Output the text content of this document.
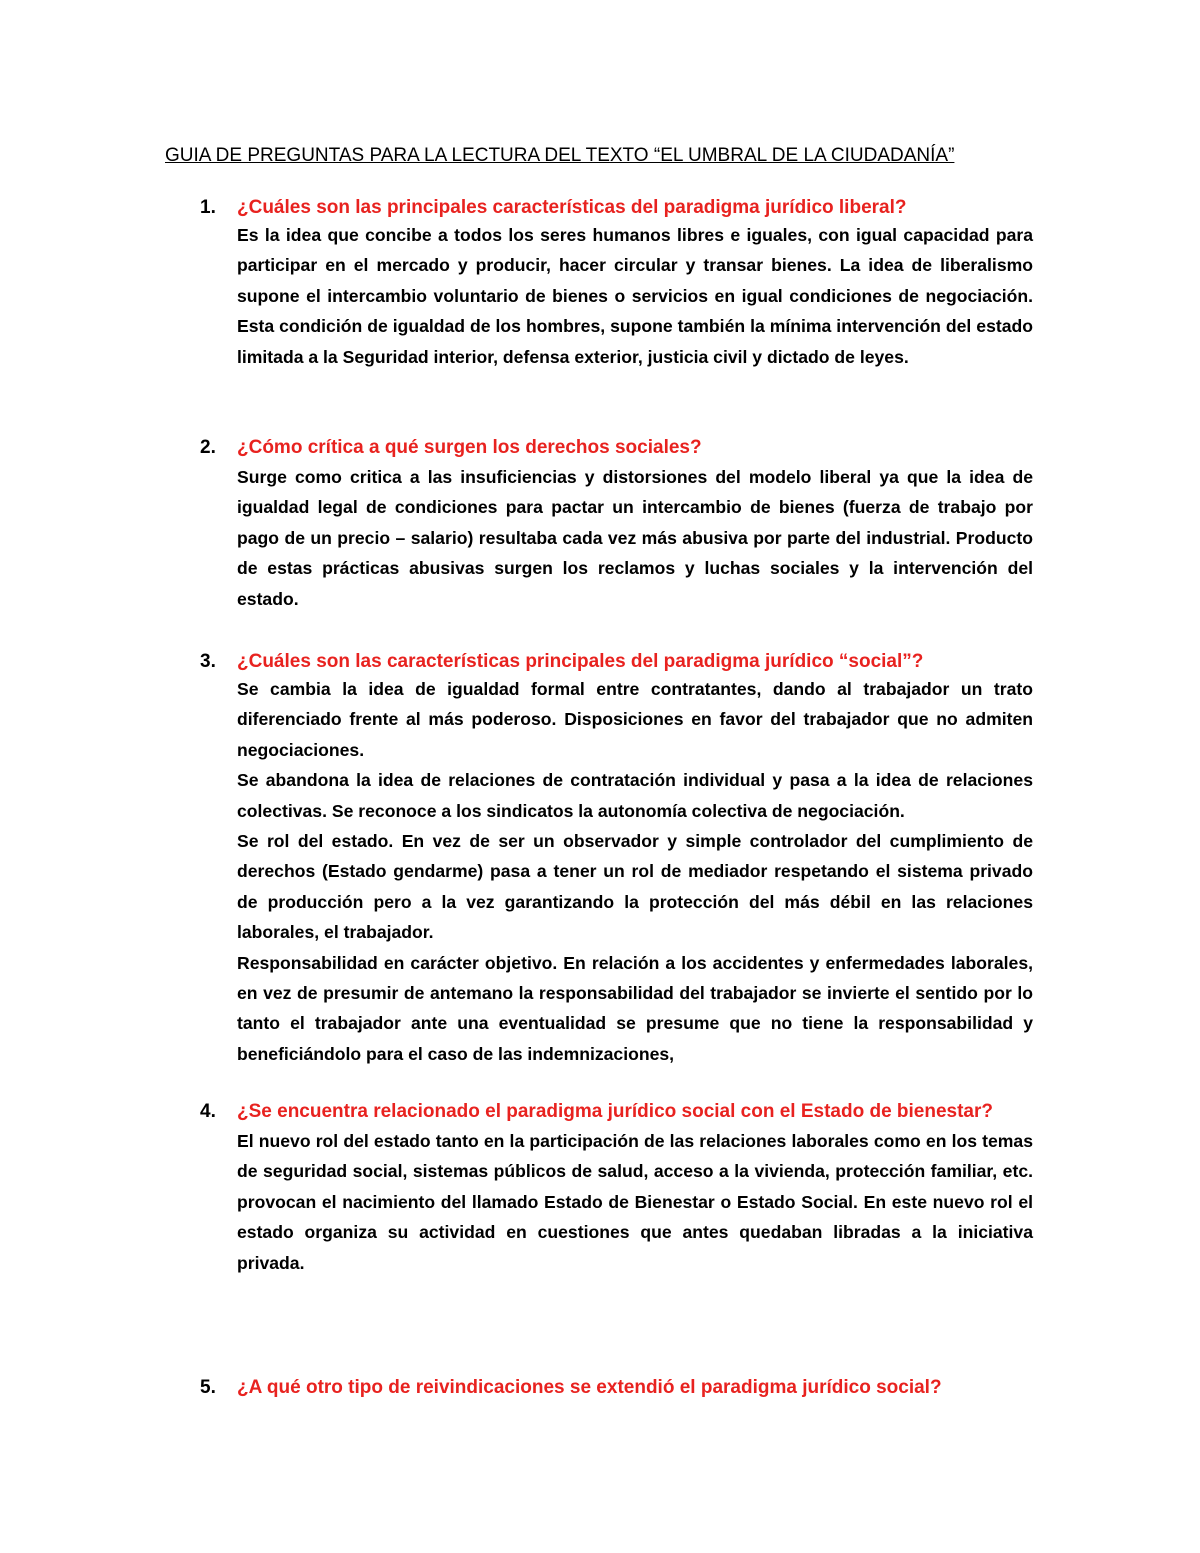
GUIA DE PREGUNTAS PARA LA LECTURA DEL TEXTO “EL UMBRAL DE LA CIUDADANÍA”
1. ¿Cuáles son las principales características del paradigma jurídico liberal?

Es la idea que concibe a todos los seres humanos libres e iguales, con igual capacidad para participar en el mercado y producir, hacer circular y transar bienes. La idea de liberalismo supone el intercambio voluntario de bienes o servicios en igual condiciones de negociación. Esta condición de igualdad de los hombres, supone también la mínima intervención del estado limitada a la Seguridad interior, defensa exterior, justicia civil y dictado de leyes.

2. ¿Cómo crítica a qué surgen los derechos sociales?

Surge como critica a las insuficiencias y distorsiones del modelo liberal ya que la idea de igualdad legal de condiciones para pactar un intercambio de bienes (fuerza de trabajo por pago de un precio – salario) resultaba cada vez más abusiva por parte del industrial. Producto de estas prácticas abusivas surgen los reclamos y luchas sociales y la intervención del estado.

3. ¿Cuáles son las características principales del paradigma jurídico “social”?

Se cambia la idea de igualdad formal entre contratantes, dando al trabajador un trato diferenciado frente al más poderoso. Disposiciones en favor del trabajador que no admiten negociaciones.

Se abandona la idea de relaciones de contratación individual y pasa a la idea de relaciones colectivas. Se reconoce a los sindicatos la autonomía colectiva de negociación.

Se rol del estado. En vez de ser un observador y simple controlador del cumplimiento de derechos (Estado gendarme) pasa a tener un rol de mediador respetando el sistema privado de producción pero a la vez garantizando la protección del más débil en las relaciones laborales, el trabajador.

Responsabilidad en carácter objetivo. En relación a los accidentes y enfermedades laborales, en vez de presumir de antemano la responsabilidad del trabajador se invierte el sentido por lo tanto el trabajador ante una eventualidad se presume que no tiene la responsabilidad y beneficiándolo para el caso de las indemnizaciones,

4. ¿Se encuentra relacionado el paradigma jurídico social con el Estado de bienestar?

El nuevo rol del estado tanto en la participación de las relaciones laborales como en los temas de seguridad social, sistemas públicos de salud, acceso a la vivienda, protección familiar, etc. provocan el nacimiento del llamado Estado de Bienestar o Estado Social. En este nuevo rol el estado organiza su actividad en cuestiones que antes quedaban libradas a la iniciativa privada.

5. ¿A qué otro tipo de reivindicaciones se extendió el paradigma jurídico social?
